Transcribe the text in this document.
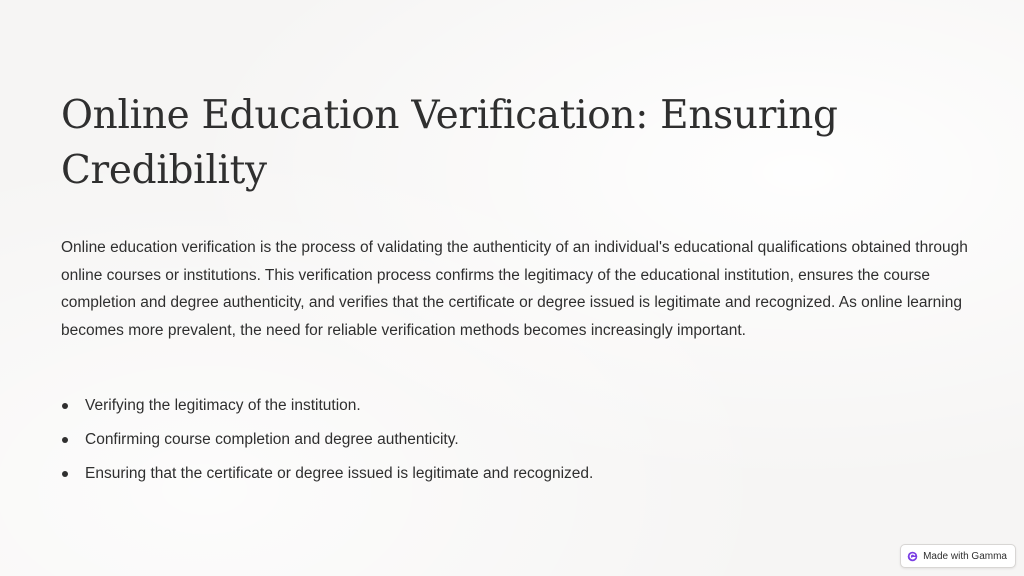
Online Education Verification: Ensuring Credibility

Online education verification is the process of validating the authenticity of an individual's educational qualifications obtained through online courses or institutions. This verification process confirms the legitimacy of the educational institution, ensures the course completion and degree authenticity, and verifies that the certificate or degree issued is legitimate and recognized. As online learning becomes more prevalent, the need for reliable verification methods becomes increasingly important.

Verifying the legitimacy of the institution.
Confirming course completion and degree authenticity.
Ensuring that the certificate or degree issued is legitimate and recognized.
Made with Gamma
